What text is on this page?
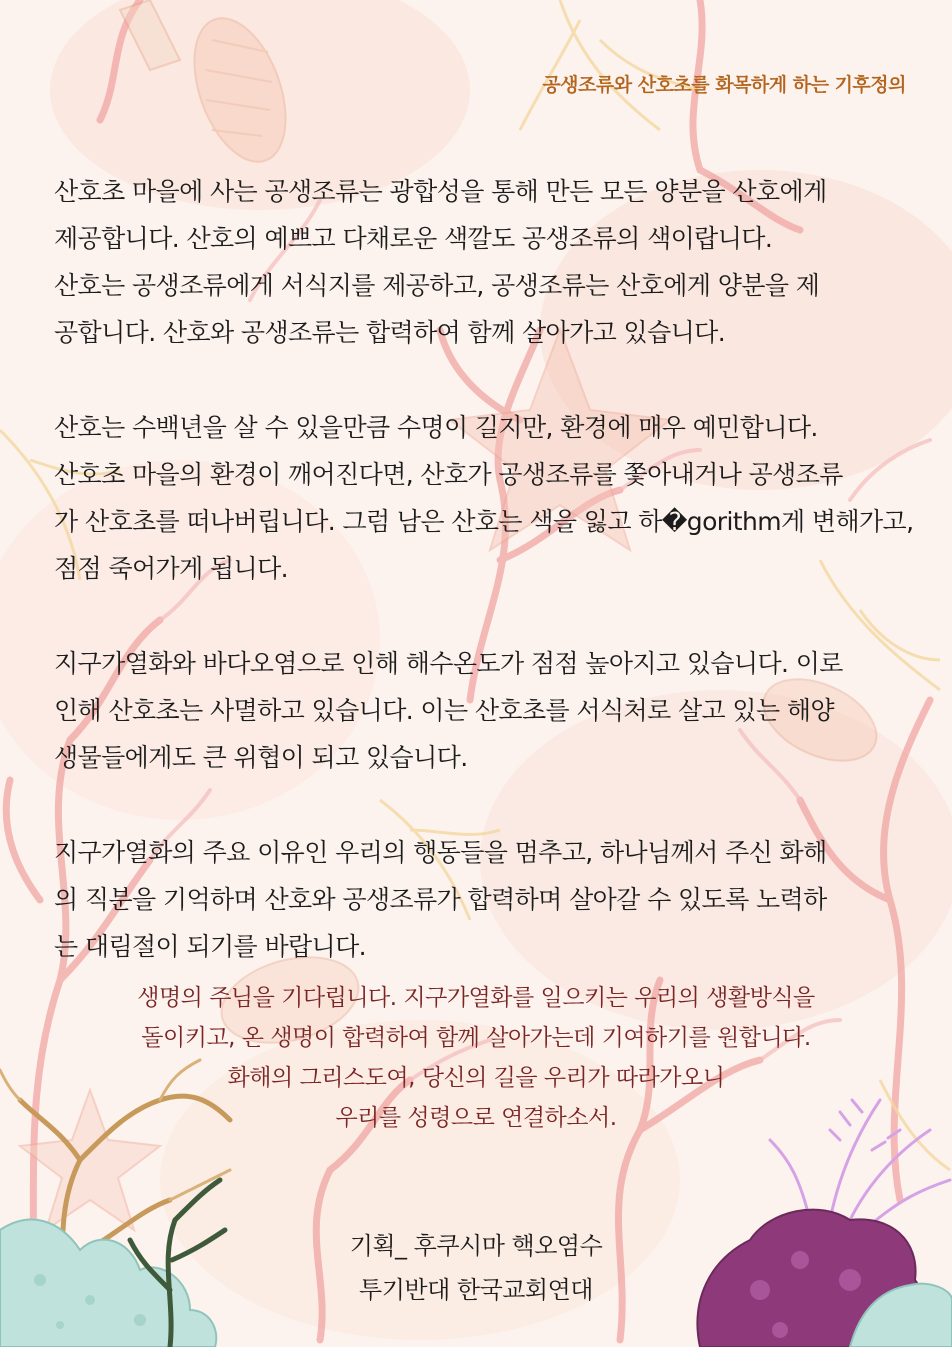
공생조류와 산호초를 화목하게 하는 기후정의

산호초 마을에 사는 공생조류는 광합성을 통해 만든 모든 양분을 산호에게
제공합니다. 산호의 예쁘고 다채로운 색깔도 공생조류의 색이랍니다.
산호는 공생조류에게 서식지를 제공하고, 공생조류는 산호에게 양분을 제
공합니다. 산호와 공생조류는 합력하여 함께 살아가고 있습니다.

산호는 수백년을 살 수 있을만큼 수명이 길지만, 환경에 매우 예민합니다.
산호초 마을의 환경이 깨어진다면, 산호가 공생조류를 쫓아내거나 공생조류
가 산호초를 떠나버립니다. 그럼 남은 산호는 색을 잃고 하�gorithm게 변해가고,
점점 죽어가게 됩니다.

지구가열화와 바다오염으로 인해 해수온도가 점점 높아지고 있습니다. 이로
인해 산호초는 사멸하고 있습니다. 이는 산호초를 서식처로 살고 있는 해양
생물들에게도 큰 위협이 되고 있습니다.

지구가열화의 주요 이유인 우리의 행동들을 멈추고, 하나님께서 주신 화해
의 직분을 기억하며 산호와 공생조류가 합력하며 살아갈 수 있도록 노력하
는 대림절이 되기를 바랍니다.

생명의 주님을 기다립니다. 지구가열화를 일으키는 우리의 생활방식을
돌이키고, 온 생명이 합력하여 함께 살아가는데 기여하기를 원합니다.
화해의 그리스도여, 당신의 길을 우리가 따라가오니
우리를 성령으로 연결하소서.
기획_ 후쿠시마 핵오염수
투기반대 한국교회연대
